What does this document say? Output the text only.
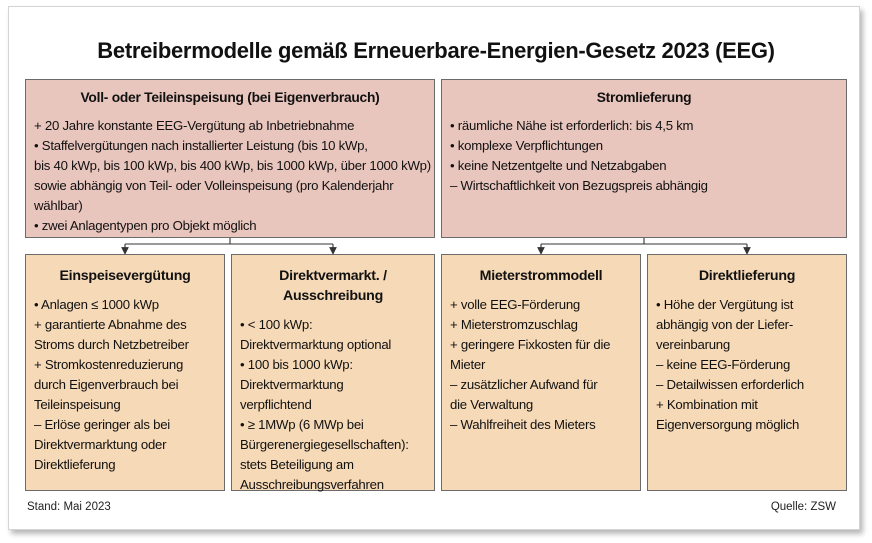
Betreibermodelle gemäß Erneuerbare-Energien-Gesetz 2023 (EEG)
Voll- oder Teileinspeisung (bei Eigenverbrauch)
+ 20 Jahre konstante EEG-Vergütung ab Inbetriebnahme
• Staffelvergütungen nach installierter Leistung (bis 10 kWp,
bis 40 kWp, bis 100 kWp, bis 400 kWp, bis 1000 kWp, über 1000 kWp)
sowie abhängig von Teil- oder Volleinspeisung (pro Kalenderjahr
wählbar)
• zwei Anlagentypen pro Objekt möglich
Stromlieferung
• räumliche Nähe ist erforderlich: bis 4,5 km
• komplexe Verpflichtungen
• keine Netzentgelte und Netzabgaben
– Wirtschaftlichkeit von Bezugspreis abhängig
Einspeisevergütung
• Anlagen ≤ 1000 kWp
+ garantierte Abnahme des
Stroms durch Netzbetreiber
+ Stromkostenreduzierung
durch Eigenverbrauch bei
Teileinspeisung
– Erlöse geringer als bei
Direktvermarktung oder
Direktlieferung
Direktvermarkt. / Ausschreibung
• < 100 kWp:
Direktvermarktung optional
• 100 bis 1000 kWp:
Direktvermarktung
verpflichtend
• ≥ 1MWp (6 MWp bei
Bürgerenergiegesellschaften):
stets Beteiligung am
Ausschreibungsverfahren
Mieterstrommodell
+ volle EEG-Förderung
+ Mieterstromzuschlag
+ geringere Fixkosten für die
Mieter
– zusätzlicher Aufwand für
die Verwaltung
– Wahlfreiheit des Mieters
Direktlieferung
• Höhe der Vergütung ist
abhängig von der Liefer-
vereinbarung
– keine EEG-Förderung
– Detailwissen erforderlich
+ Kombination mit
Eigenversorgung möglich
Stand: Mai 2023	Quelle: ZSW
